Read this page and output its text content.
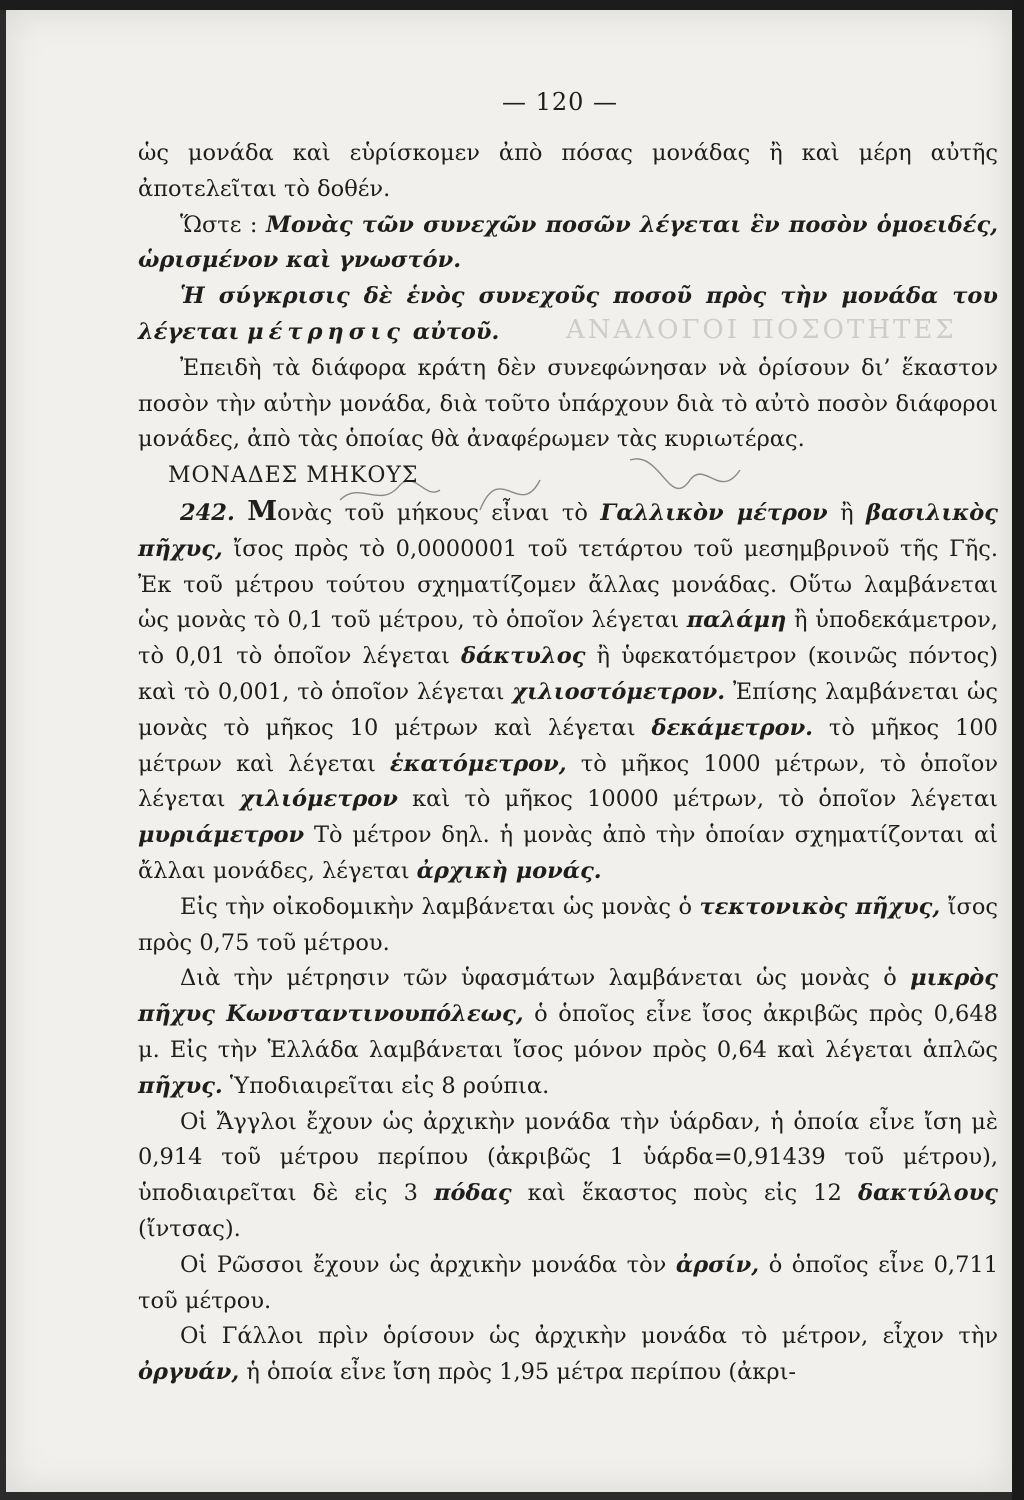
ΑΝΑΛΟΓΟΙ ΠΟΣΟΤΗΤΕΣ
— 120 —

ὡς μονάδα καὶ εὑρίσκομεν ἀπὸ πόσας μονάδας ἢ καὶ μέρη αὐτῆς ἀποτελεῖται τὸ δοθέν.

Ὥστε : Μονὰς τῶν συνεχῶν ποσῶν λέγεται ἓν ποσὸν ὁμοειδές, ὡρισμένον καὶ γνωστόν.

Ἡ σύγκρισις δὲ ἑνὸς συνεχοῦς ποσοῦ πρὸς τὴν μονάδα του λέγεται μέτρησις αὐτοῦ.

Ἐπειδὴ τὰ διάφορα κράτη δὲν συνεφώνησαν νὰ ὁρίσουν δι’ ἕκαστον ποσὸν τὴν αὐτὴν μονάδα, διὰ τοῦτο ὑπάρχουν διὰ τὸ αὐτὸ ποσὸν διάφοροι μονάδες, ἀπὸ τὰς ὁποίας θὰ ἀναφέρωμεν τὰς κυριωτέρας.

ΜΟΝΑΔΕΣ ΜΗΚΟΥΣ

242. Μονὰς τοῦ μήκους εἶναι τὸ Γαλλικὸν μέτρον ἢ βασιλικὸς πῆχυς, ἴσος πρὸς τὸ 0,0000001 τοῦ τετάρτου τοῦ μεσημβρινοῦ τῆς Γῆς. Ἐκ τοῦ μέτρου τούτου σχηματίζομεν ἄλλας μονάδας. Οὕτω λαμβάνεται ὡς μονὰς τὸ 0,1 τοῦ μέτρου, τὸ ὁποῖον λέγεται παλάμη ἢ ὑποδεκάμετρον, τὸ 0,01 τὸ ὁποῖον λέγεται δάκτυλος ἢ ὑφεκατόμετρον (κοινῶς πόντος) καὶ τὸ 0,001, τὸ ὁποῖον λέγεται χιλιοστόμετρον. Ἐπίσης λαμβάνεται ὡς μονὰς τὸ μῆκος 10 μέτρων καὶ λέγεται δεκάμετρον. τὸ μῆκος 100 μέτρων καὶ λέγεται ἑκατόμετρον, τὸ μῆκος 1000 μέτρων, τὸ ὁποῖον λέγεται χιλιόμετρον καὶ τὸ μῆκος 10000 μέτρων, τὸ ὁποῖον λέγεται μυριάμετρον Τὸ μέτρον δηλ. ἡ μονὰς ἀπὸ τὴν ὁποίαν σχηματίζονται αἱ ἄλλαι μονάδες, λέγεται ἀρχικὴ μονάς.

Εἰς τὴν οἰκοδομικὴν λαμβάνεται ὡς μονὰς ὁ τεκτονικὸς πῆχυς, ἴσος πρὸς 0,75 τοῦ μέτρου.

Διὰ τὴν μέτρησιν τῶν ὑφασμάτων λαμβάνεται ὡς μονὰς ὁ μικρὸς πῆχυς Κωνσταντινουπόλεως, ὁ ὁποῖος εἶνε ἴσος ἀκριβῶς πρὸς 0,648 μ. Εἰς τὴν Ἑλλάδα λαμβάνεται ἴσος μόνον πρὸς 0,64 καὶ λέγεται ἁπλῶς πῆχυς. Ὑποδιαιρεῖται εἰς 8 ρούπια.

Οἱ Ἄγγλοι ἔχουν ὡς ἀρχικὴν μονάδα τὴν ὑάρδαν, ἡ ὁποία εἶνε ἴση μὲ 0,914 τοῦ μέτρου περίπου (ἀκριβῶς 1 ὑάρδα=0,91439 τοῦ μέτρου), ὑποδιαιρεῖται δὲ εἰς 3 πόδας καὶ ἕκαστος ποὺς εἰς 12 δακτύλους (ἴντσας).

Οἱ Ρῶσσοι ἔχουν ὡς ἀρχικὴν μονάδα τὸν ἀρσίν, ὁ ὁποῖος εἶνε 0,711 τοῦ μέτρου.

Οἱ Γάλλοι πρὶν ὁρίσουν ὡς ἀρχικὴν μονάδα τὸ μέτρον, εἶχον τὴν ὀργυάν, ἡ ὁποία εἶνε ἴση πρὸς 1,95 μέτρα περίπου (ἀκρι-
